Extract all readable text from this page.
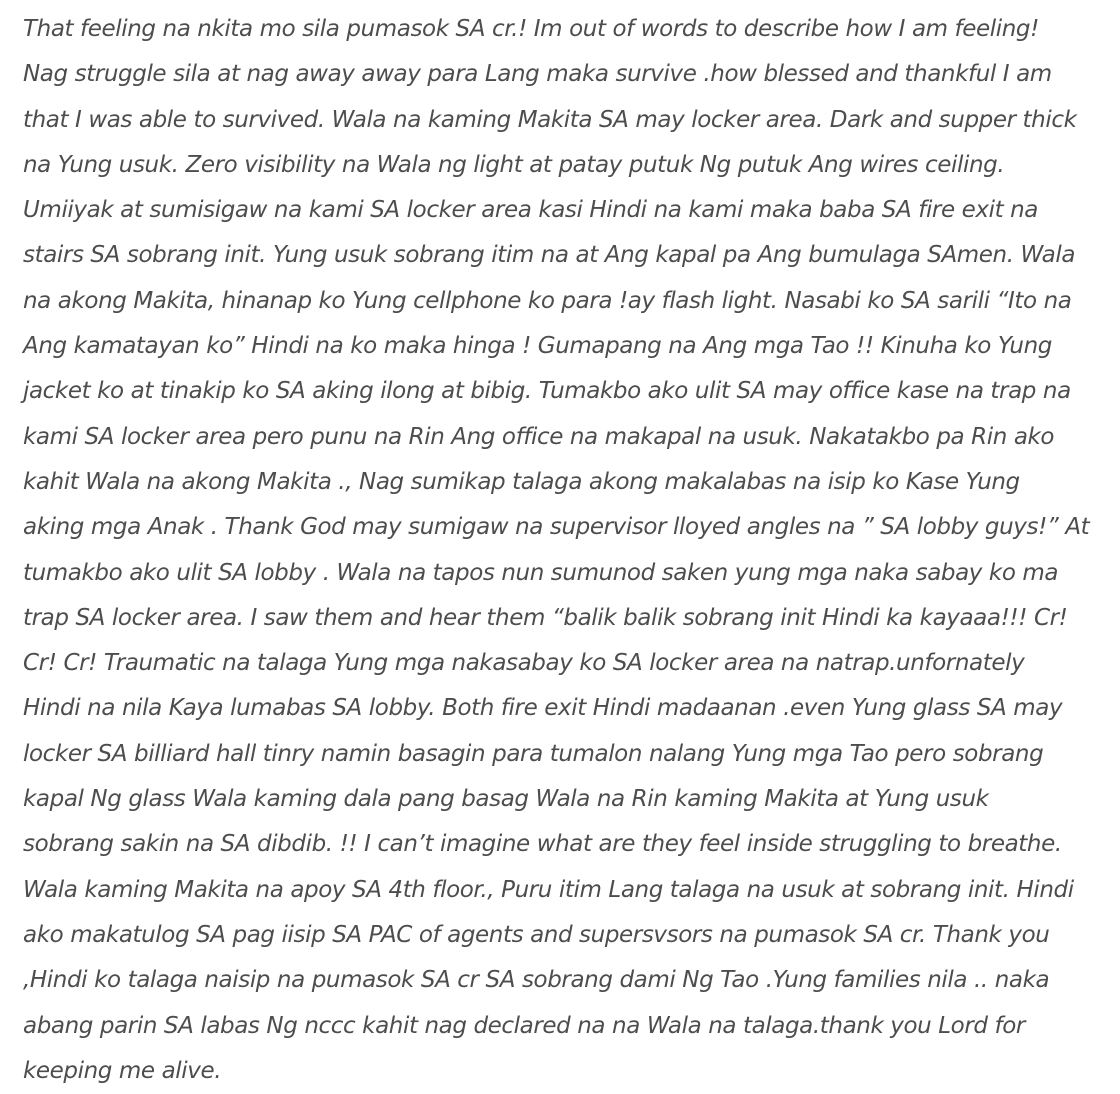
That feeling na nkita mo sila pumasok SA cr.! Im out of words to describe how I am feeling!
Nag struggle sila at nag away away para Lang maka survive .how blessed and thankful I am
that I was able to survived. Wala na kaming Makita SA may locker area. Dark and supper thick
na Yung usuk. Zero visibility na Wala ng light at patay putuk Ng putuk Ang wires ceiling.
Umiiyak at sumisigaw na kami SA locker area kasi Hindi na kami maka baba SA fire exit na
stairs SA sobrang init. Yung usuk sobrang itim na at Ang kapal pa Ang bumulaga SAmen. Wala
na akong Makita, hinanap ko Yung cellphone ko para !ay flash light. Nasabi ko SA sarili “Ito na
Ang kamatayan ko” Hindi na ko maka hinga ! Gumapang na Ang mga Tao !! Kinuha ko Yung
jacket ko at tinakip ko SA aking ilong at bibig. Tumakbo ako ulit SA may office kase na trap na
kami SA locker area pero punu na Rin Ang office na makapal na usuk. Nakatakbo pa Rin ako
kahit Wala na akong Makita ., Nag sumikap talaga akong makalabas na isip ko Kase Yung
aking mga Anak . Thank God may sumigaw na supervisor lloyed angles na ” SA lobby guys!” At
tumakbo ako ulit SA lobby . Wala na tapos nun sumunod saken yung mga naka sabay ko ma
trap SA locker area. I saw them and hear them “balik balik sobrang init Hindi ka kayaaa!!! Cr!
Cr! Cr! Traumatic na talaga Yung mga nakasabay ko SA locker area na natrap.unfornately
Hindi na nila Kaya lumabas SA lobby. Both fire exit Hindi madaanan .even Yung glass SA may
locker SA billiard hall tinry namin basagin para tumalon nalang Yung mga Tao pero sobrang
kapal Ng glass Wala kaming dala pang basag Wala na Rin kaming Makita at Yung usuk
sobrang sakin na SA dibdib. !! I can’t imagine what are they feel inside struggling to breathe.
Wala kaming Makita na apoy SA 4th floor., Puru itim Lang talaga na usuk at sobrang init. Hindi
ako makatulog SA pag iisip SA PAC of agents and supersvsors na pumasok SA cr. Thank you
,Hindi ko talaga naisip na pumasok SA cr SA sobrang dami Ng Tao .Yung families nila .. naka
abang parin SA labas Ng nccc kahit nag declared na na Wala na talaga.thank you Lord for
keeping me alive.
